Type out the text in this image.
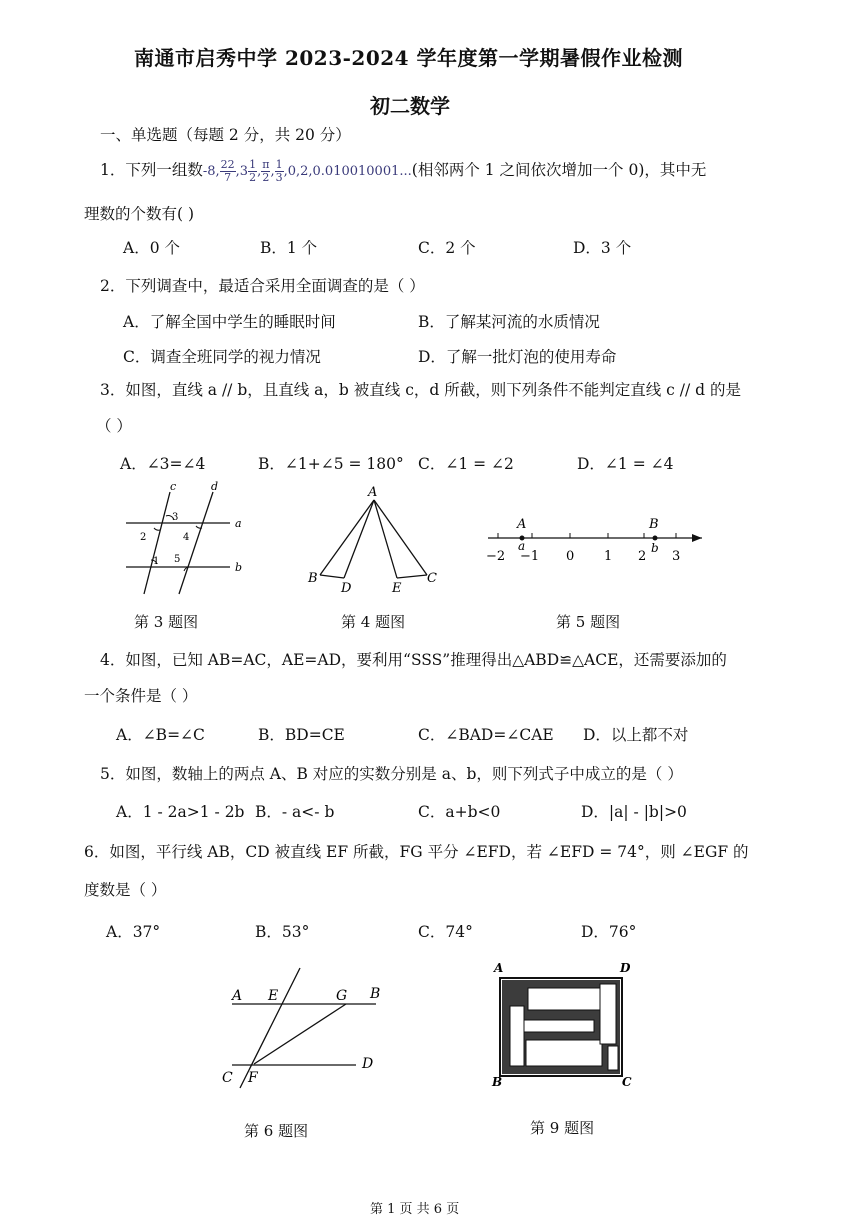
南通市启秀中学 2023-2024 学年度第一学期暑假作业检测
初二数学
一、单选题（每题 2 分，共 20 分）
1．下列一组数-8, $\frac{22}{7} ,3 \frac{1}{2}$ , $\frac{\pi}{2}$ , $\frac{1}{3} ,0,2,0.010010001$...(相邻两个 1 之间依次增加一个 0)，其中无
理数的个数有( )
A．0 个	B．1 个	C．2 个	D．3 个
2．下列调查中，最适合采用全面调查的是（ ）
A．了解全国中学生的睡眠时间	B．了解某河流的水质情况
C．调查全班同学的视力情况	D．了解一批灯泡的使用寿命
3．如图，直线 a // b，且直线 a，b 被直线 c，d 所截，则下列条件不能判定直线 c // d 的是
（ ）
A．∠3=∠4	B．∠1+∠5 = 180° C．∠1 = ∠2	D．∠1 = ∠4
c	d
a
b
1
2
3
4
5
第 3 题图
A
B
D	E
C
第 4 题图
A
a
B
b
−2 −1 0 1 2 3
第 5 题图
4．如图，已知 AB=AC，AE=AD，要利用“SSS”推理得出△ABD≌△ACE，还需要添加的
一个条件是（ ）
A．∠B=∠C	B．BD=CE	C．∠BAD=∠CAE D．以上都不对
5．如图，数轴上的两点 A、B 对应的实数分别是 a、b，则下列式子中成立的是（ ）
A．1 - 2a>1 - 2b B．- a<- b	C．a+b<0	D．|a| - |b|>0
6．如图，平行线 AB，CD 被直线 EF 所截，FG 平分 ∠EFD，若 ∠EFD = 74°，则 ∠EGF 的
度数是（ ）
A．37°	B．53°	C．74°	D．76°
A E	G B
C F
D
第 6 题图
A	D
B	C
第 9 题图
第 1 页 共 6 页
